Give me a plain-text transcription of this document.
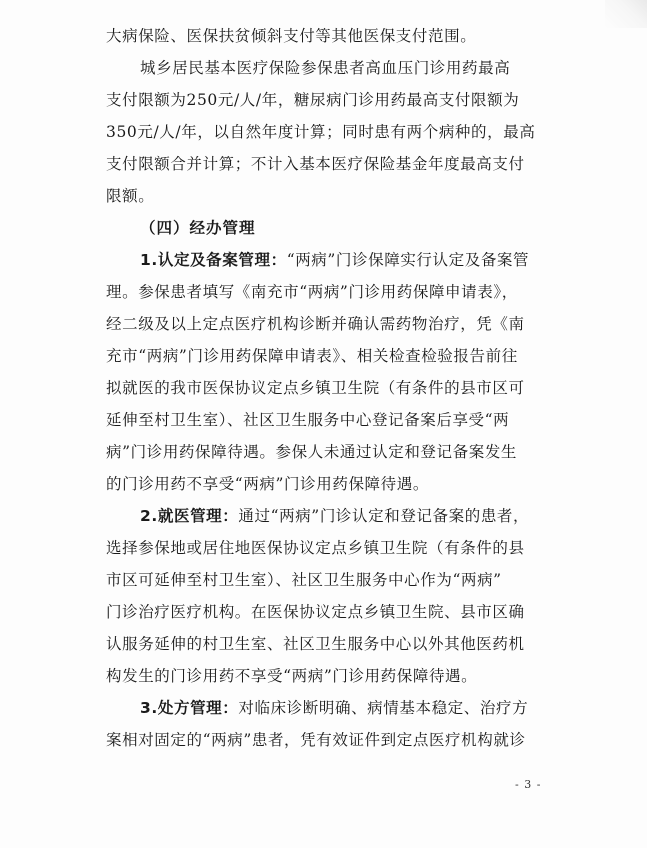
大病保险、医保扶贫倾斜支付等其他医保支付范围。
城乡居民基本医疗保险参保患者高血压门诊用药最高
支付限额为250元/人/年，糖尿病门诊用药最高支付限额为
350元/人/年，以自然年度计算；同时患有两个病种的，最高
支付限额合并计算；不计入基本医疗保险基金年度最高支付
限额。
（四）经办管理
1.认定及备案管理：“两病”门诊保障实行认定及备案管
理。参保患者填写《南充市“两病”门诊用药保障申请表》，
经二级及以上定点医疗机构诊断并确认需药物治疗，凭《南
充市“两病”门诊用药保障申请表》、相关检查检验报告前往
拟就医的我市医保协议定点乡镇卫生院（有条件的县市区可
延伸至村卫生室）、社区卫生服务中心登记备案后享受“两
病”门诊用药保障待遇。参保人未通过认定和登记备案发生
的门诊用药不享受“两病”门诊用药保障待遇。
2.就医管理：通过“两病”门诊认定和登记备案的患者，
选择参保地或居住地医保协议定点乡镇卫生院（有条件的县
市区可延伸至村卫生室）、社区卫生服务中心作为“两病”
门诊治疗医疗机构。在医保协议定点乡镇卫生院、县市区确
认服务延伸的村卫生室、社区卫生服务中心以外其他医药机
构发生的门诊用药不享受“两病”门诊用药保障待遇。
3.处方管理：对临床诊断明确、病情基本稳定、治疗方
案相对固定的“两病”患者，凭有效证件到定点医疗机构就诊
- 3 -
